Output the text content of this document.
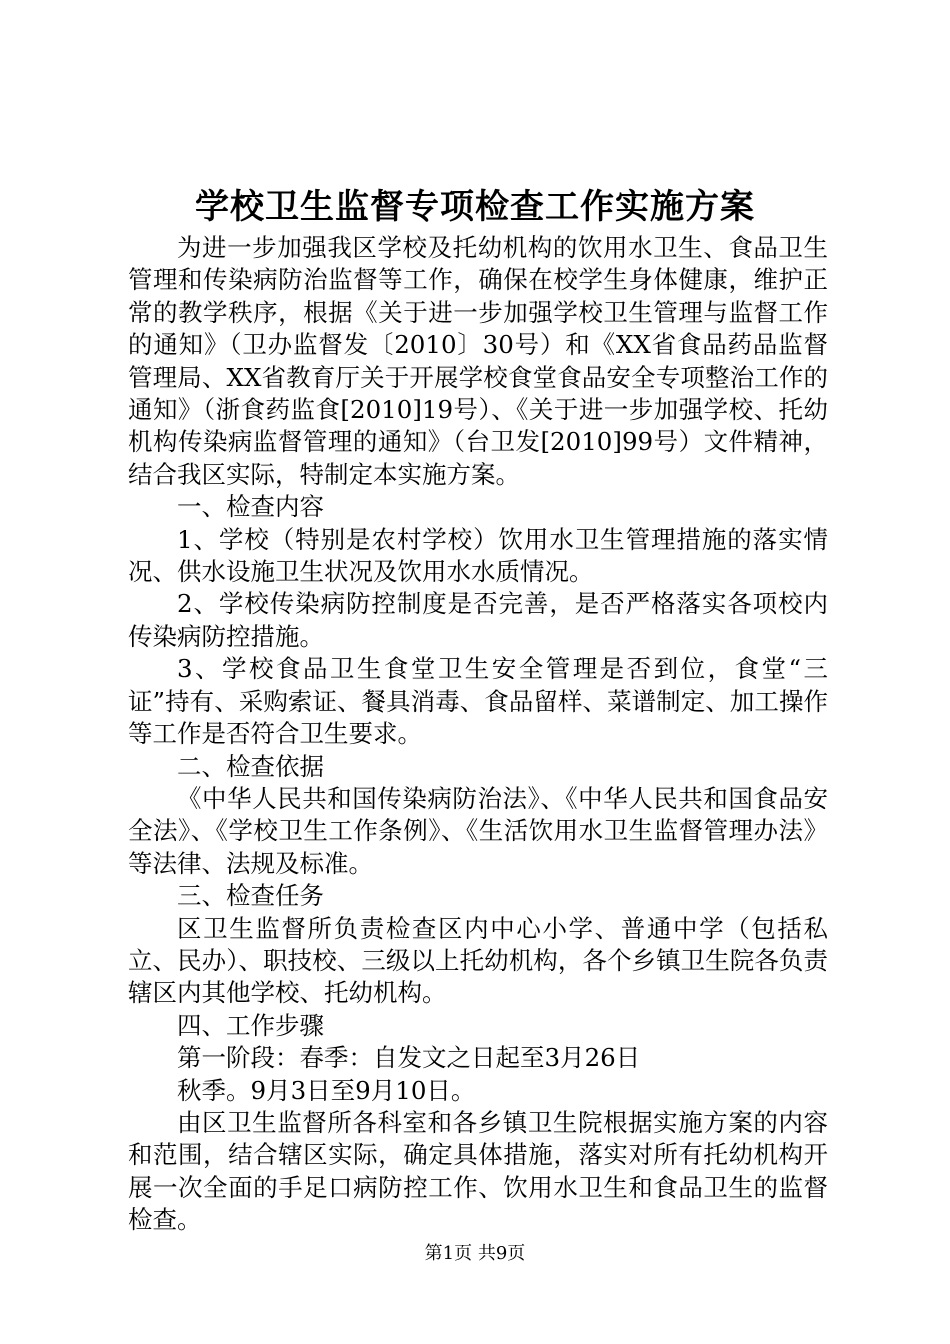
学校卫生监督专项检查工作实施方案

为进一步加强我区学校及托幼机构的饮用水卫生、食品卫生管理和传染病防治监督等工作，确保在校学生身体健康，维护正常的教学秩序，根据《关于进一步加强学校卫生管理与监督工作的通知》（卫办监督发〔2010〕30号）和《XX省食品药品监督管理局、XX省教育厅关于开展学校食堂食品安全专项整治工作的通知》（浙食药监食[2010]19号）、《关于进一步加强学校、托幼机构传染病监督管理的通知》（台卫发[2010]99号）文件精神，结合我区实际，特制定本实施方案。

一、检查内容

1、学校（特别是农村学校）饮用水卫生管理措施的落实情况、供水设施卫生状况及饮用水水质情况。

2、学校传染病防控制度是否完善，是否严格落实各项校内传染病防控措施。

3、学校食品卫生食堂卫生安全管理是否到位，食堂“三证”持有、采购索证、餐具消毒、食品留样、菜谱制定、加工操作等工作是否符合卫生要求。

二、检查依据

《中华人民共和国传染病防治法》、《中华人民共和国食品安全法》、《学校卫生工作条例》、《生活饮用水卫生监督管理办法》等法律、法规及标准。

三、检查任务

区卫生监督所负责检查区内中心小学、普通中学（包括私立、民办）、职技校、三级以上托幼机构，各个乡镇卫生院各负责辖区内其他学校、托幼机构。

四、工作步骤

第一阶段：春季：自发文之日起至3月26日

秋季。9月3日至9月10日。

由区卫生监督所各科室和各乡镇卫生院根据实施方案的内容和范围，结合辖区实际，确定具体措施，落实对所有托幼机构开展一次全面的手足口病防控工作、饮用水卫生和食品卫生的监督检查。

第1页 共9页
